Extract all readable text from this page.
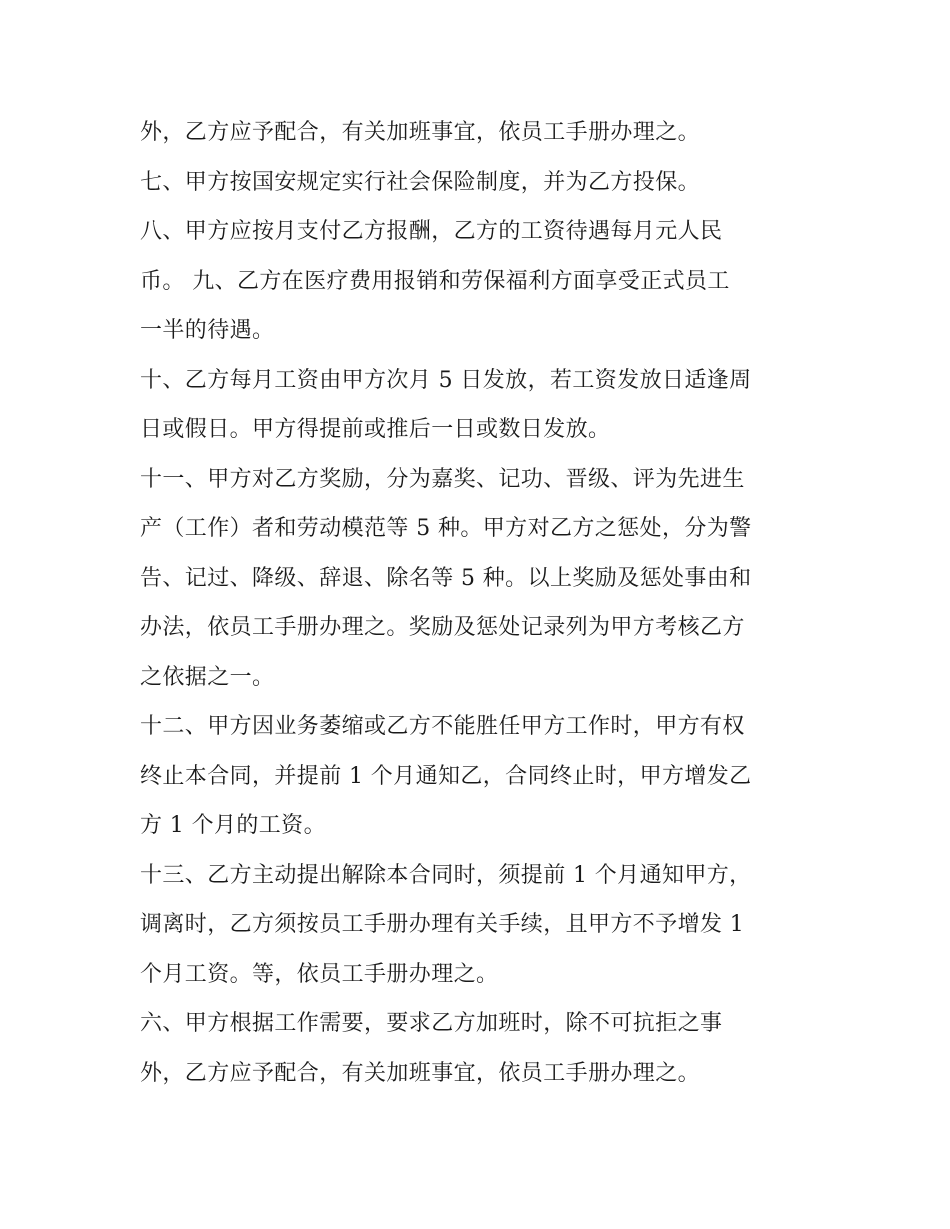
外，乙方应予配合，有关加班事宜，依员工手册办理之。
七、甲方按国安规定实行社会保险制度，并为乙方投保。
八、甲方应按月支付乙方报酬，乙方的工资待遇每月元人民
币。 九、乙方在医疗费用报销和劳保福利方面享受正式员工
一半的待遇。
十、乙方每月工资由甲方次月 5 日发放，若工资发放日适逢周
日或假日。甲方得提前或推后一日或数日发放。
十一、甲方对乙方奖励，分为嘉奖、记功、晋级、评为先进生
产（工作）者和劳动模范等 5 种。甲方对乙方之惩处，分为警
告、记过、降级、辞退、除名等 5 种。以上奖励及惩处事由和
办法，依员工手册办理之。奖励及惩处记录列为甲方考核乙方
之依据之一。
十二、甲方因业务萎缩或乙方不能胜任甲方工作时，甲方有权
终止本合同，并提前 1 个月通知乙，合同终止时，甲方增发乙
方 1 个月的工资。
十三、乙方主动提出解除本合同时，须提前 1 个月通知甲方，
调离时，乙方须按员工手册办理有关手续，且甲方不予增发 1
个月工资。等，依员工手册办理之。
六、甲方根据工作需要，要求乙方加班时，除不可抗拒之事
外，乙方应予配合，有关加班事宜，依员工手册办理之。
